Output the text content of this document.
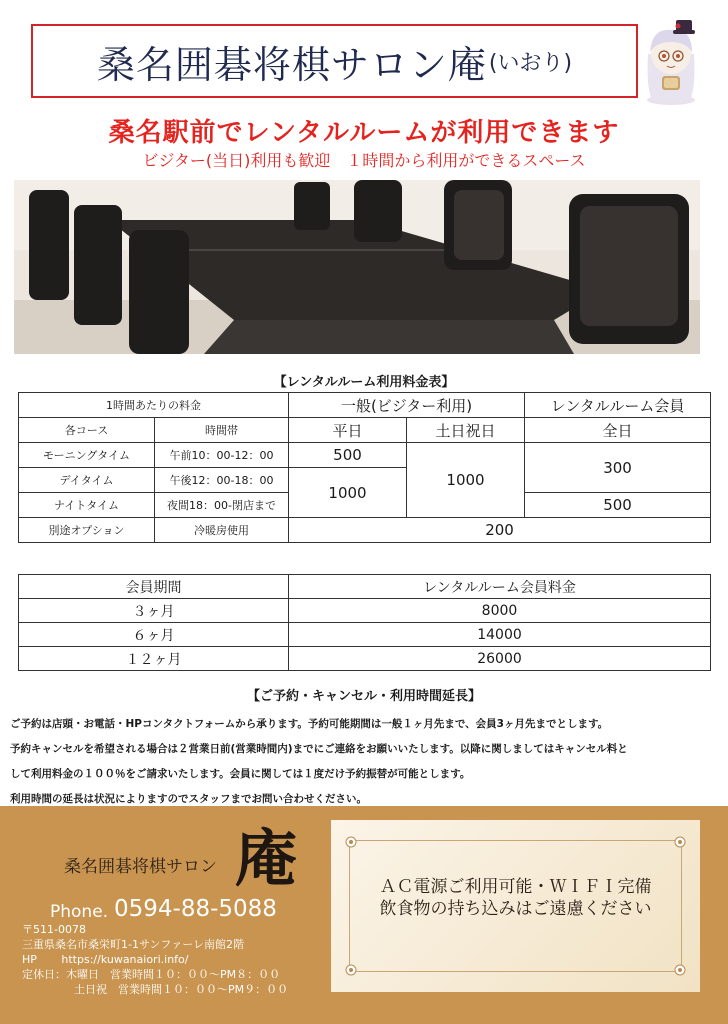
桑名囲碁将棋サロン庵 (いおり)
桑名駅前でレンタルルームが利用できます
ビジター(当日)利用も歓迎　１時間から利用ができるスペース
【レンタルルーム利用料金表】
1時間あたりの料金		一般(ビジター利用)		レンタルルーム会員
各コース	時間帯	平日	土日祝日	全日
モーニングタイム	午前10：00-12：00	500	1000	300
デイタイム	午後12：00-18：00	1000		
ナイトタイム	夜間18：00-閉店まで			500
別途オプション	冷暖房使用	200		
会員期間	レンタルルーム会員料金
３ヶ月	8000
６ヶ月	14000
１２ヶ月	26000
【ご予約・キャンセル・利用時間延長】

ご予約は店頭・お電話・HPコンタクトフォームから承ります。予約可能期間は一般１ヶ月先まで、会員3ヶ月先までとします。

予約キャンセルを希望される場合は２営業日前(営業時間内)までにご連絡をお願いいたします。以降に関しましてはキャンセル料と

して利用料金の１００％をご請求いたします。会員に関しては１度だけ予約振替が可能とします。

利用時間の延長は状況によりますのでスタッフまでお問い合わせください。

桑名囲碁将棋サロン 庵
Phone. 0594-88-5088

〒511-0078

三重県桑名市桑栄町1-1サンファーレ南館2階

HP https://kuwanaiori.info/

定休日：木曜日　営業時間１０：００～PM８：００

土日祝　営業時間１０：００～PM９：００

ＡＣ電源ご利用可能・ＷＩＦＩ完備

飲食物の持ち込みはご遠慮ください
